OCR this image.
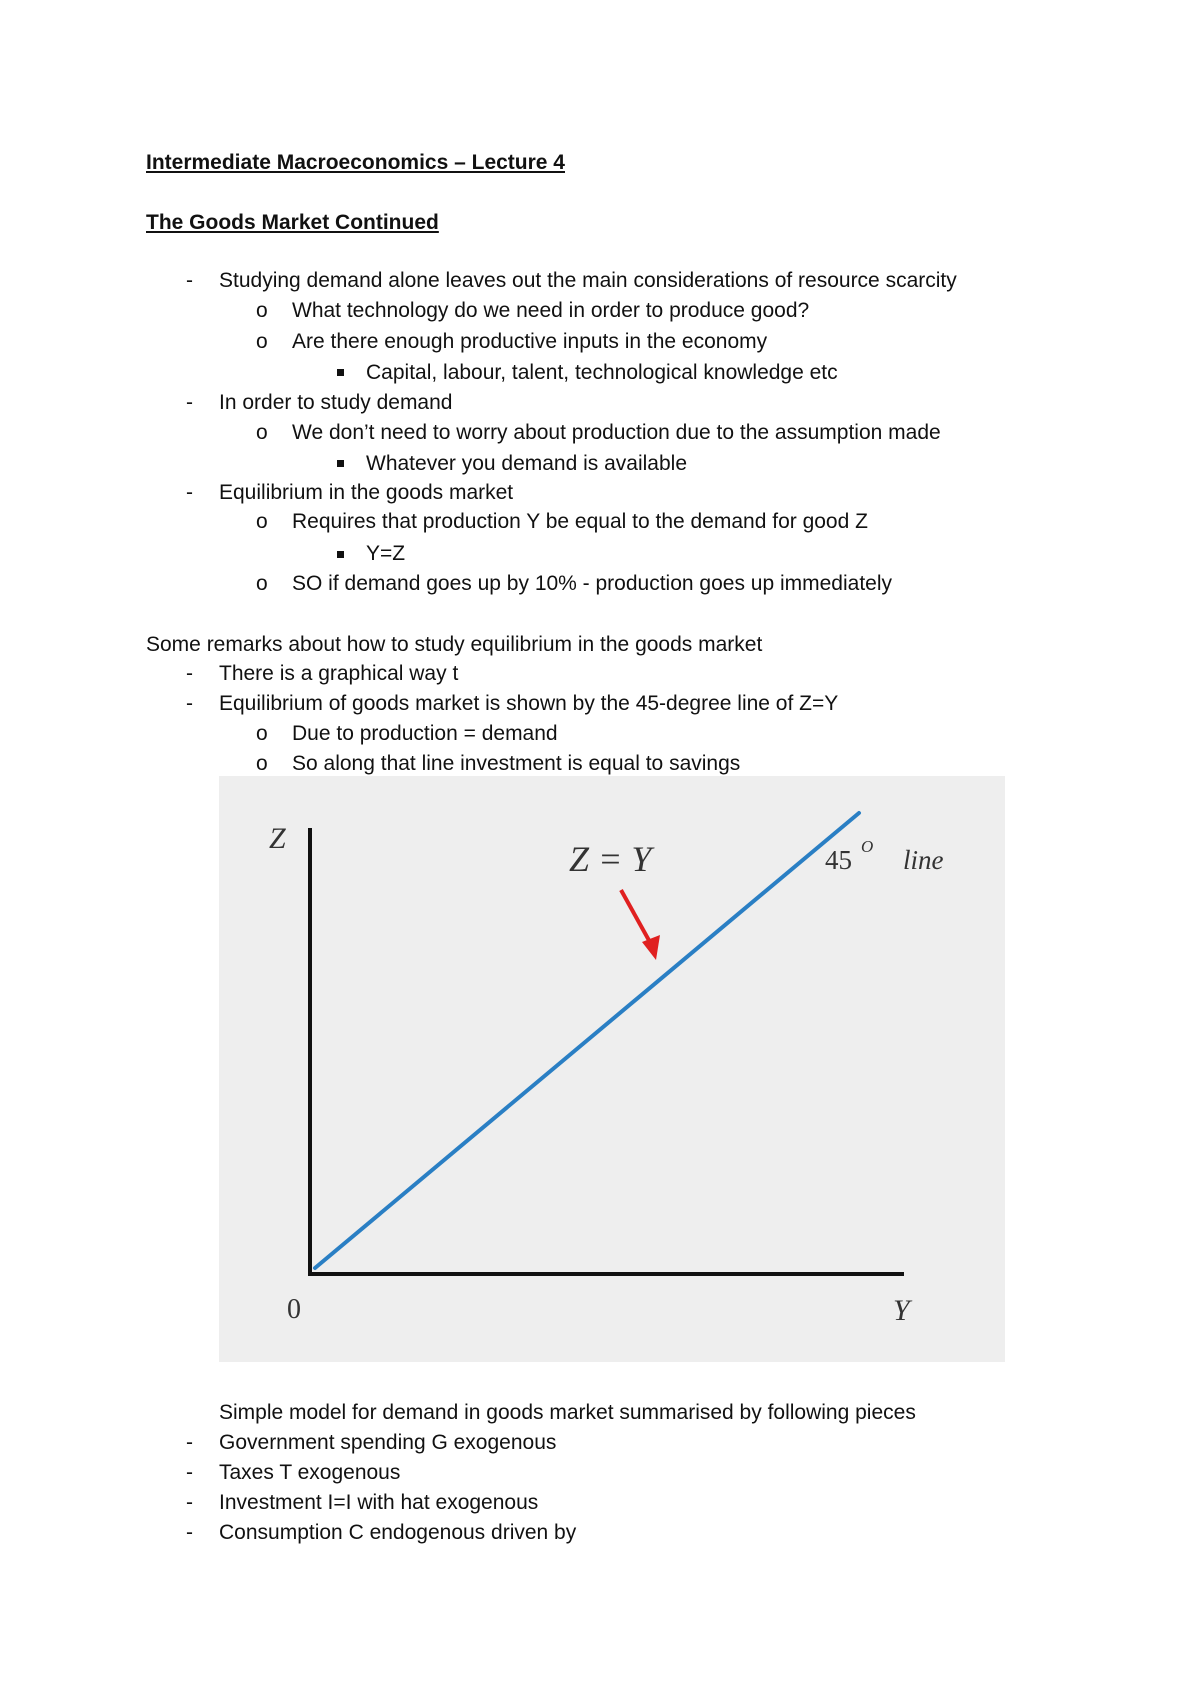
Intermediate Macroeconomics – Lecture 4
The Goods Market Continued
- Studying demand alone leaves out the main considerations of resource scarcity
o What technology do we need in order to produce good?
o Are there enough productive inputs in the economy
Capital, labour, talent, technological knowledge etc
- In order to study demand
o We don’t need to worry about production due to the assumption made
Whatever you demand is available
- Equilibrium in the goods market
o Requires that production Y be equal to the demand for good Z
Y=Z
o SO if demand goes up by 10% - production goes up immediately
Some remarks about how to study equilibrium in the goods market
- There is a graphical way t
- Equilibrium of goods market is shown by the 45-degree line of Z=Y
o Due to production = demand
o So along that line investment is equal to savings
Z
0	Y
Z = Y	45 O line
Simple model for demand in goods market summarised by following pieces
- Government spending G exogenous
- Taxes T exogenous
- Investment I=I with hat exogenous
- Consumption C endogenous driven by
